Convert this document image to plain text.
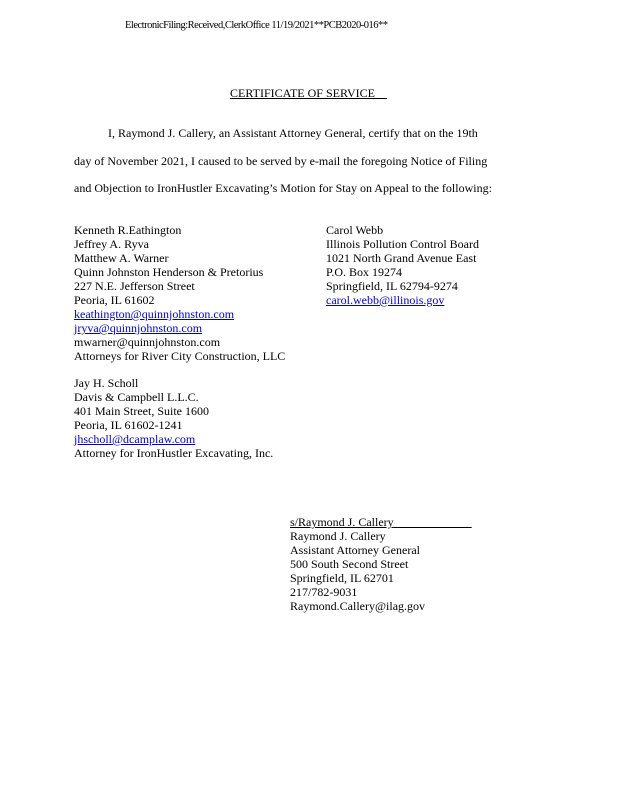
ElectronicFiling:Received,ClerkOffice 11/19/2021**PCB2020-016**
CERTIFICATE OF SERVICE
I, Raymond J. Callery, an Assistant Attorney General, certify that on the 19th
day of November 2021, I caused to be served by e-mail the foregoing Notice of Filing
and Objection to IronHustler Excavating’s Motion for Stay on Appeal to the following:
Kenneth R.Eathington
Jeffrey A. Ryva
Matthew A. Warner
Quinn Johnston Henderson & Pretorius
227 N.E. Jefferson Street
Peoria, IL 61602
keathington@quinnjohnston.com
jryva@quinnjohnston.com
mwarner@quinnjohnston.com
Attorneys for River City Construction, LLC
Carol Webb
Illinois Pollution Control Board
1021 North Grand Avenue East
P.O. Box 19274
Springfield, IL 62794-9274
carol.webb@illinois.gov
Jay H. Scholl
Davis & Campbell L.L.C.
401 Main Street, Suite 1600
Peoria, IL 61602-1241
jhscholl@dcamplaw.com
Attorney for IronHustler Excavating, Inc.
s/Raymond J. Callery
Raymond J. Callery
Assistant Attorney General
500 South Second Street
Springfield, IL 62701
217/782-9031
Raymond.Callery@ilag.gov
